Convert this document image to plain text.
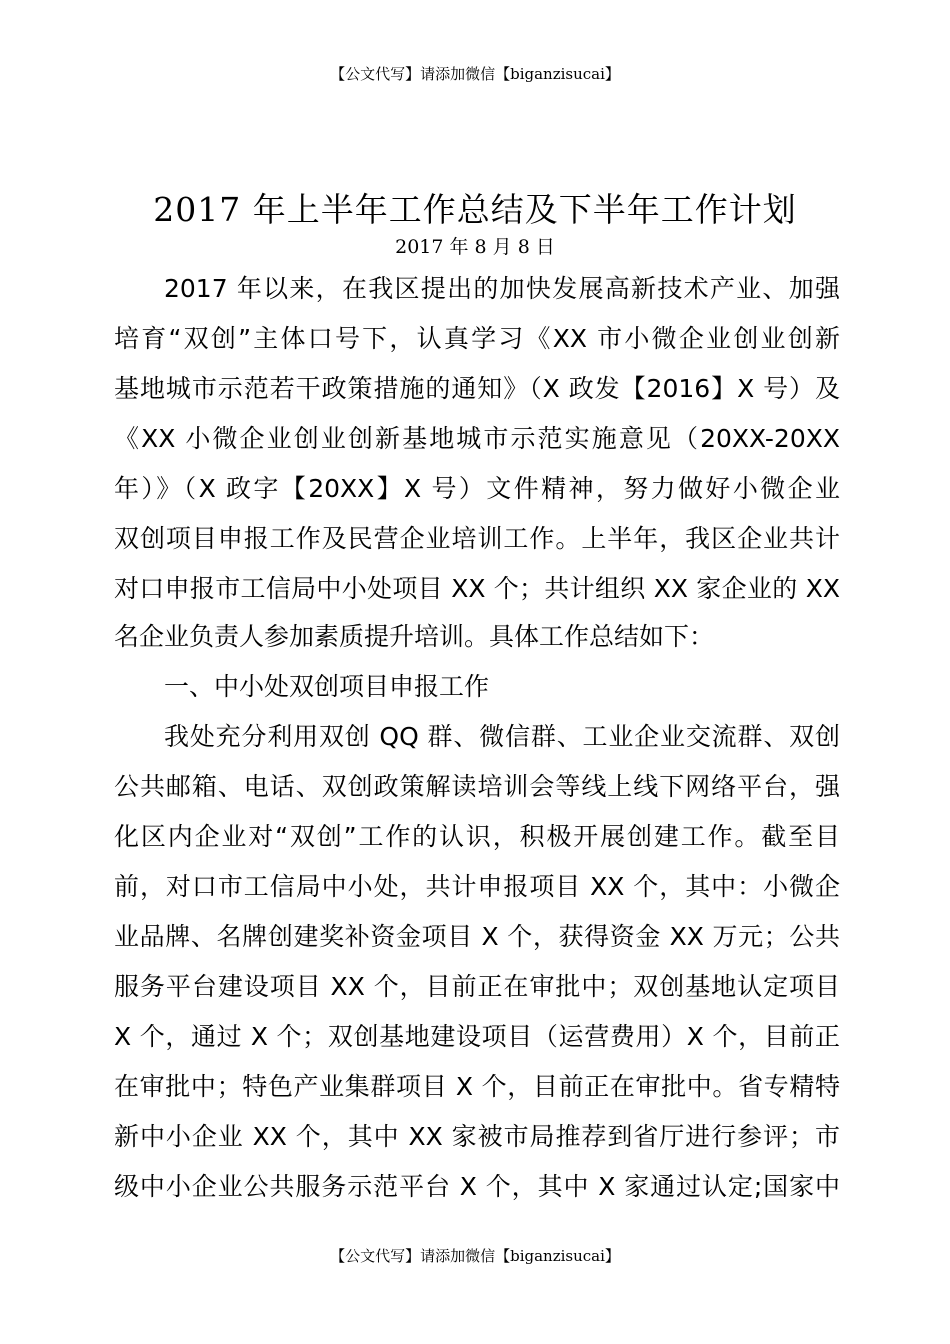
【公文代写】请添加微信【biganzisucai】
2017 年上半年工作总结及下半年工作计划
2017 年 8 月 8 日
2017 年以来，在我区提出的加快发展高新技术产业、加强
培育“双创”主体口号下，认真学习《XX 市小微企业创业创新
基地城市示范若干政策措施的通知》（X 政发【2016】X 号）及
《XX 小微企业创业创新基地城市示范实施意见（20XX-20XX
年）》（X 政字【20XX】X 号）文件精神，努力做好小微企业
双创项目申报工作及民营企业培训工作。上半年，我区企业共计
对口申报市工信局中小处项目 XX 个；共计组织 XX 家企业的 XX
名企业负责人参加素质提升培训。具体工作总结如下：
一、中小处双创项目申报工作
我处充分利用双创 QQ 群、微信群、工业企业交流群、双创
公共邮箱、电话、双创政策解读培训会等线上线下网络平台，强
化区内企业对“双创”工作的认识，积极开展创建工作。截至目
前，对口市工信局中小处，共计申报项目 XX 个，其中：小微企
业品牌、名牌创建奖补资金项目 X 个，获得资金 XX 万元；公共
服务平台建设项目 XX 个，目前正在审批中；双创基地认定项目
X 个，通过 X 个；双创基地建设项目（运营费用）X 个，目前正
在审批中；特色产业集群项目 X 个，目前正在审批中。省专精特
新中小企业 XX 个，其中 XX 家被市局推荐到省厅进行参评；市
级中小企业公共服务示范平台 X 个，其中 X 家通过认定;国家中
【公文代写】请添加微信【biganzisucai】
